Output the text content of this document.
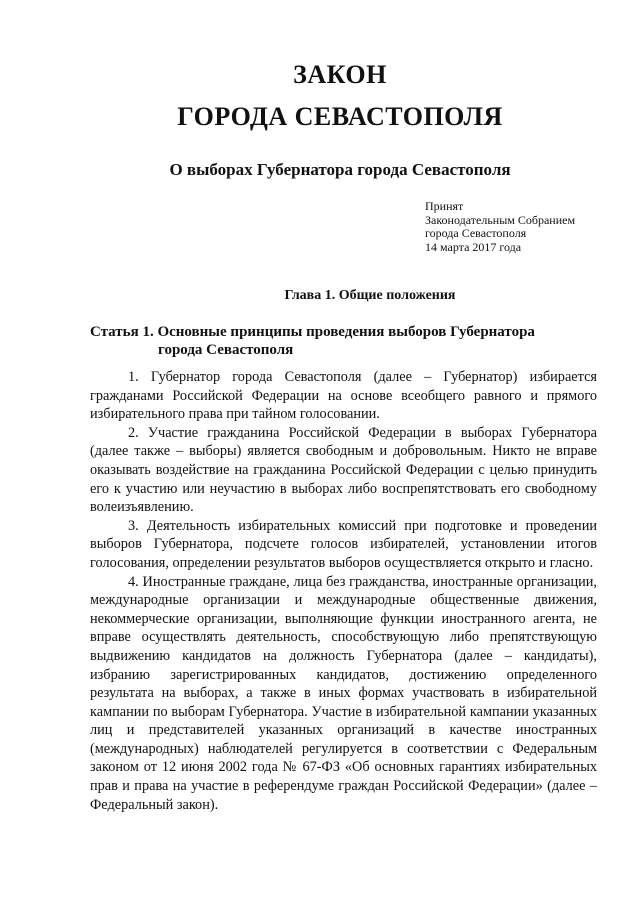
ЗАКОН
ГОРОДА СЕВАСТОПОЛЯ
О выборах Губернатора города Севастополя
Принят
Законодательным Собранием
города Севастополя
14 марта 2017 года
Глава 1. Общие положения
Статья 1. Основные принципы проведения выборов Губернатора
города Севастополя

1. Губернатор города Севастополя (далее – Губернатор) избирается гражданами Российской Федерации на основе всеобщего равного и прямого избирательного права при тайном голосовании.

2. Участие гражданина Российской Федерации в выборах Губернатора (далее также – выборы) является свободным и добровольным. Никто не вправе оказывать воздействие на гражданина Российской Федерации с целью принудить его к участию или неучастию в выборах либо воспрепятствовать его свободному волеизъявлению.

3. Деятельность избирательных комиссий при подготовке и проведении выборов Губернатора, подсчете голосов избирателей, установлении итогов голосования, определении результатов выборов осуществляется открыто и гласно.

4. Иностранные граждане, лица без гражданства, иностранные организации, международные организации и международные общественные движения, некоммерческие организации, выполняющие функции иностранного агента, не вправе осуществлять деятельность, способствующую либо препятствующую выдвижению кандидатов на должность Губернатора (далее – кандидаты), избранию зарегистрированных кандидатов, достижению определенного результата на выборах, а также в иных формах участвовать в избирательной кампании по выборам Губернатора. Участие в избирательной кампании указанных лиц и представителей указанных организаций в качестве иностранных (международных) наблюдателей регулируется в соответствии с Федеральным законом от 12 июня 2002 года № 67-ФЗ «Об основных гарантиях избирательных прав и права на участие в референдуме граждан Российской Федерации» (далее – Федеральный закон).
